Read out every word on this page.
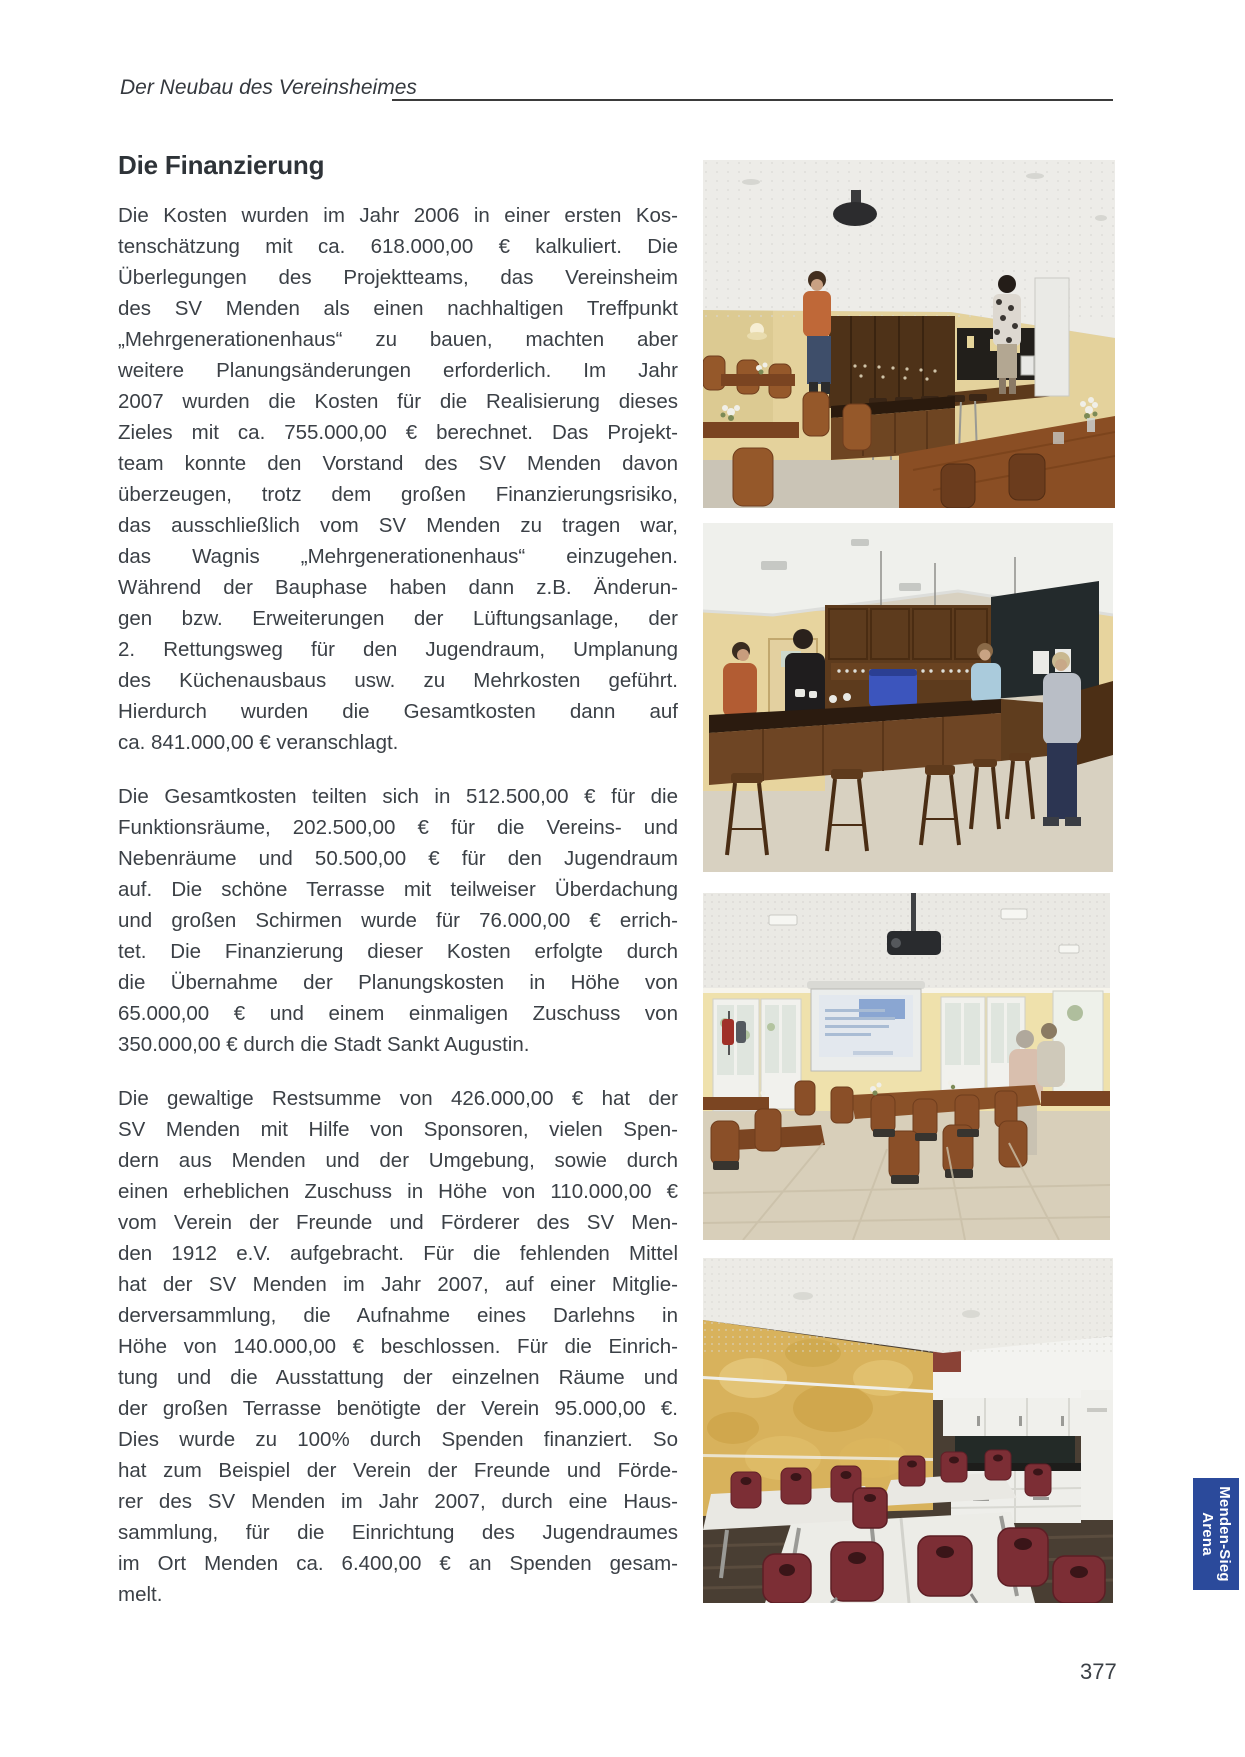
Der Neubau des Vereinsheimes
Die Finanzierung

Die Kosten wurden im Jahr 2006 in einer ersten Kos-
tenschätzung mit ca. 618.000,00 € kalkuliert. Die
Überlegungen des Projektteams, das Vereinsheim
des SV Menden als einen nachhaltigen Treffpunkt
„Mehrgenerationenhaus“ zu bauen, machten aber
weitere Planungsänderungen erforderlich. Im Jahr
2007 wurden die Kosten für die Realisierung dieses
Zieles mit ca. 755.000,00 € berechnet. Das Projekt-
team konnte den Vorstand des SV Menden davon
überzeugen, trotz dem großen Finanzierungsrisiko,
das ausschließlich vom SV Menden zu tragen war,
das Wagnis „Mehrgenerationenhaus“ einzugehen.
Während der Bauphase haben dann z.B. Änderun-
gen bzw. Erweiterungen der Lüftungsanlage, der
2. Rettungsweg für den Jugendraum, Umplanung
des Küchenausbaus usw. zu Mehrkosten geführt.
Hierdurch wurden die Gesamtkosten dann auf
ca. 841.000,00 € veranschlagt.

Die Gesamtkosten teilten sich in 512.500,00 € für die
Funktionsräume, 202.500,00 € für die Vereins- und
Nebenräume und 50.500,00 € für den Jugendraum
auf. Die schöne Terrasse mit teilweiser Überdachung
und großen Schirmen wurde für 76.000,00 € errich-
tet. Die Finanzierung dieser Kosten erfolgte durch
die Übernahme der Planungskosten in Höhe von
65.000,00 € und einem einmaligen Zuschuss von
350.000,00 € durch die Stadt Sankt Augustin.

Die gewaltige Restsumme von 426.000,00 € hat der
SV Menden mit Hilfe von Sponsoren, vielen Spen-
dern aus Menden und der Umgebung, sowie durch
einen erheblichen Zuschuss in Höhe von 110.000,00 €
vom Verein der Freunde und Förderer des SV Men-
den 1912 e.V. aufgebracht. Für die fehlenden Mittel
hat der SV Menden im Jahr 2007, auf einer Mitglie-
derversammlung, die Aufnahme eines Darlehns in
Höhe von 140.000,00 € beschlossen. Für die Einrich-
tung und die Ausstattung der einzelnen Räume und
der großen Terrasse benötigte der Verein 95.000,00 €.
Dies wurde zu 100% durch Spenden finanziert. So
hat zum Beispiel der Verein der Freunde und Förde-
rer des SV Menden im Jahr 2007, durch eine Haus-
sammlung, für die Einrichtung des Jugendraumes
im Ort Menden ca. 6.400,00 € an Spenden gesam-
melt.

Menden-Sieg
Arena
377
